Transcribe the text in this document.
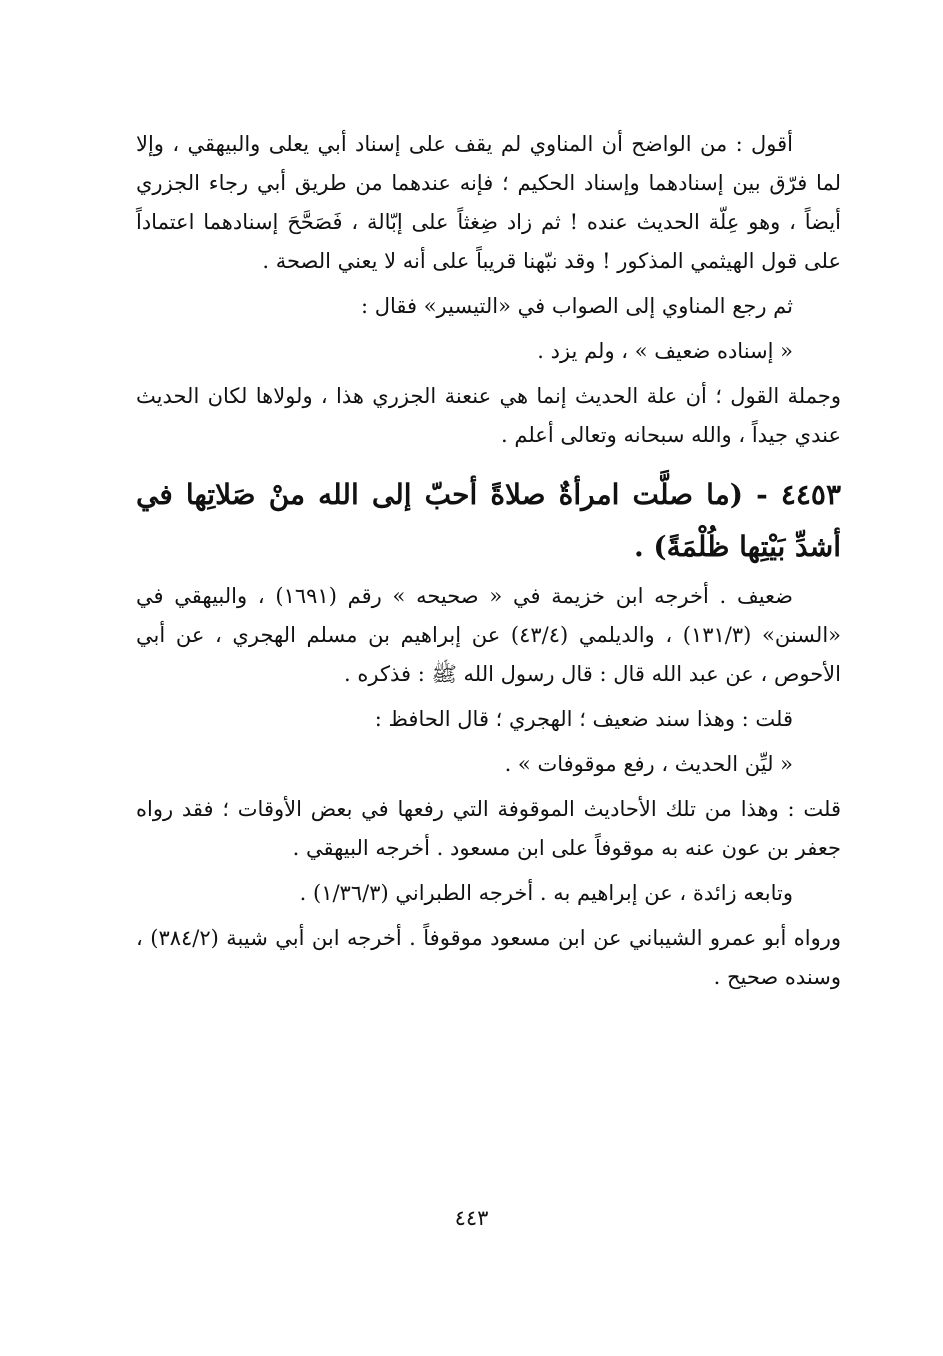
أقول : من الواضح أن المناوي لم يقف على إسناد أبي يعلى والبيهقي ، وإلا لما فرّق بين إسنادهما وإسناد الحكيم ؛ فإنه عندهما من طريق أبي رجاء الجزري أيضاً ، وهو عِلّة الحديث عنده ! ثم زاد ضِغثاً على إبّالة ، فَصَحَّحَ إسنادهما اعتماداً على قول الهيثمي المذكور ! وقد نبّهنا قريباً على أنه لا يعني الصحة .

ثم رجع المناوي إلى الصواب في «التيسير» فقال :

« إسناده ضعيف » ، ولم يزد .

وجملة القول ؛ أن علة الحديث إنما هي عنعنة الجزري هذا ، ولولاها لكان الحديث عندي جيداً ، والله سبحانه وتعالى أعلم .

٤٤٥٣ - (ما صلَّت امرأةٌ صلاةً أحبّ إلى الله منْ صَلاتِها في أشدِّ بَيْتِها ظُلْمَةً) .

ضعيف . أخرجه ابن خزيمة في « صحيحه » رقم (١٦٩١) ، والبيهقي في «السنن» (١٣١/٣) ، والديلمي (٤٣/٤) عن إبراهيم بن مسلم الهجري ، عن أبي الأحوص ، عن عبد الله قال : قال رسول الله ﷺ : فذكره .

قلت : وهذا سند ضعيف ؛ الهجري ؛ قال الحافظ :

« ليِّن الحديث ، رفع موقوفات » .

قلت : وهذا من تلك الأحاديث الموقوفة التي رفعها في بعض الأوقات ؛ فقد رواه جعفر بن عون عنه به موقوفاً على ابن مسعود . أخرجه البيهقي .

وتابعه زائدة ، عن إبراهيم به . أخرجه الطبراني (١/٣٦/٣) .

ورواه أبو عمرو الشيباني عن ابن مسعود موقوفاً . أخرجه ابن أبي شيبة (٣٨٤/٢) ، وسنده صحيح .

٤٤٣
